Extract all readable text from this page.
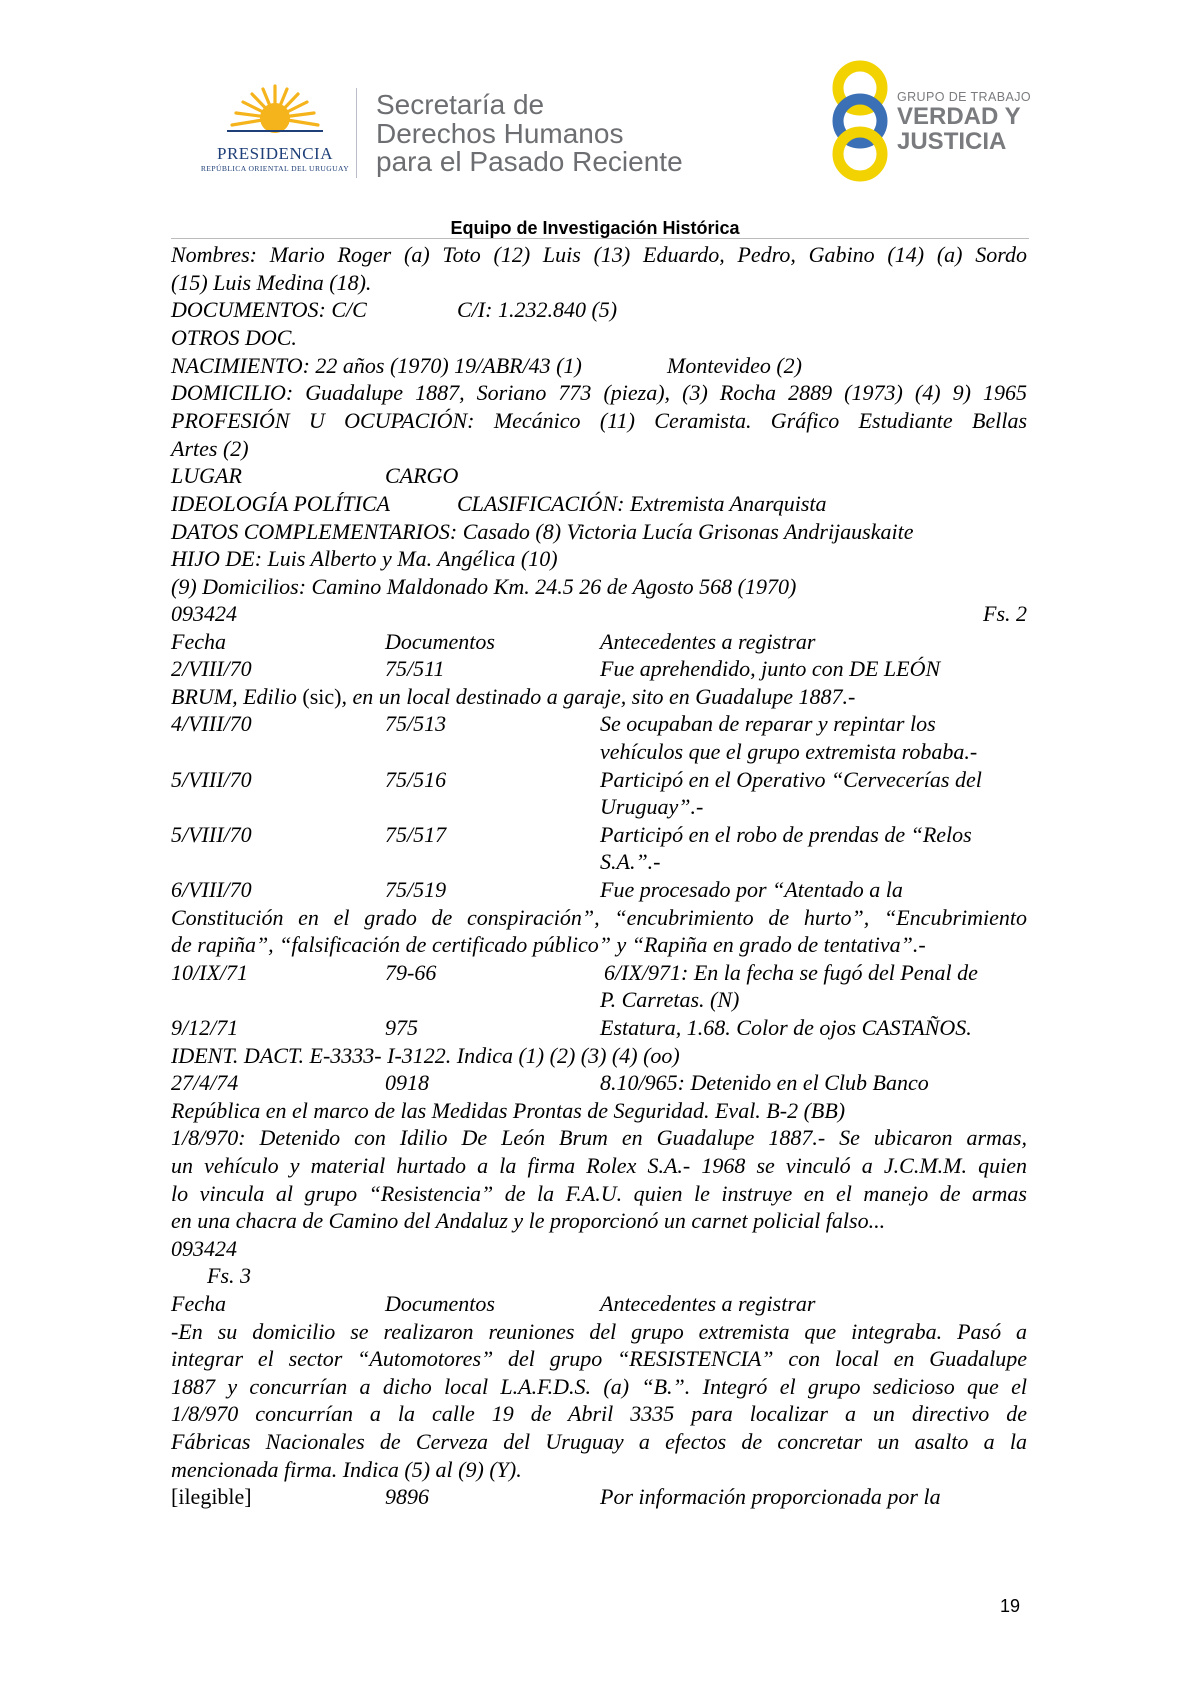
PRESIDENCIA
REPÚBLICA ORIENTAL DEL URUGUAY
Secretaría de
Derechos Humanos
para el Pasado Reciente
GRUPO DE TRABAJO
VERDAD Y
JUSTICIA
Equipo de Investigación Histórica
Nombres: Mario Roger (a) Toto (12) Luis (13) Eduardo, Pedro, Gabino (14) (a) Sordo
(15) Luis Medina (18).
DOCUMENTOS: C/C	C/I: 1.232.840 (5)
OTROS DOC.
NACIMIENTO: 22 años (1970) 19/ABR/43 (1)	Montevideo (2)
DOMICILIO: Guadalupe 1887, Soriano 773 (pieza), (3) Rocha 2889 (1973) (4) 9) 1965
PROFESIÓN U OCUPACIÓN: Mecánico (11) Ceramista. Gráfico Estudiante Bellas
Artes (2)
LUGAR	CARGO
IDEOLOGÍA POLÍTICA	CLASIFICACIÓN: Extremista Anarquista
DATOS COMPLEMENTARIOS: Casado (8) Victoria Lucía Grisonas Andrijauskaite
HIJO DE: Luis Alberto y Ma. Angélica (10)
(9) Domicilios: Camino Maldonado Km. 24.5 26 de Agosto 568 (1970)
093424	Fs. 2
Fecha	Documentos	Antecedentes a registrar
2/VIII/70	75/511	Fue aprehendido, junto con DE LEÓN
BRUM, Edilio (sic), en un local destinado a garaje, sito en Guadalupe 1887.-
4/VIII/70	75/513	Se ocupaban de reparar y repintar los
vehículos que el grupo extremista robaba.-
5/VIII/70	75/516	Participó en el Operativo “Cervecerías del
Uruguay”.-
5/VIII/70	75/517	Participó en el robo de prendas de “Relos
S.A.”.-
6/VIII/70	75/519	Fue procesado por “Atentado a la
Constitución en el grado de conspiración”, “encubrimiento de hurto”, “Encubrimiento
de rapiña”, “falsificación de certificado público” y “Rapiña en grado de tentativa”.-
10/IX/71	79-66	6/IX/971: En la fecha se fugó del Penal de
P. Carretas. (N)
9/12/71	975	Estatura, 1.68. Color de ojos CASTAÑOS.
IDENT. DACT. E-3333- I-3122. Indica (1) (2) (3) (4) (oo)
27/4/74	0918	8.10/965: Detenido en el Club Banco
República en el marco de las Medidas Prontas de Seguridad. Eval. B-2 (BB)
1/8/970: Detenido con Idilio De León Brum en Guadalupe 1887.- Se ubicaron armas,
un vehículo y material hurtado a la firma Rolex S.A.- 1968 se vinculó a J.C.M.M. quien
lo vincula al grupo “Resistencia” de la F.A.U. quien le instruye en el manejo de armas
en una chacra de Camino del Andaluz y le proporcionó un carnet policial falso...
093424
Fs. 3
Fecha	Documentos	Antecedentes a registrar
-En su domicilio se realizaron reuniones del grupo extremista que integraba. Pasó a
integrar el sector “Automotores” del grupo “RESISTENCIA” con local en Guadalupe
1887 y concurrían a dicho local L.A.F.D.S. (a) “B.”. Integró el grupo sedicioso que el
1/8/970 concurrían a la calle 19 de Abril 3335 para localizar a un directivo de
Fábricas Nacionales de Cerveza del Uruguay a efectos de concretar un asalto a la
mencionada firma. Indica (5) al (9) (Y).
[ilegible]	9896	Por información proporcionada por la
19
